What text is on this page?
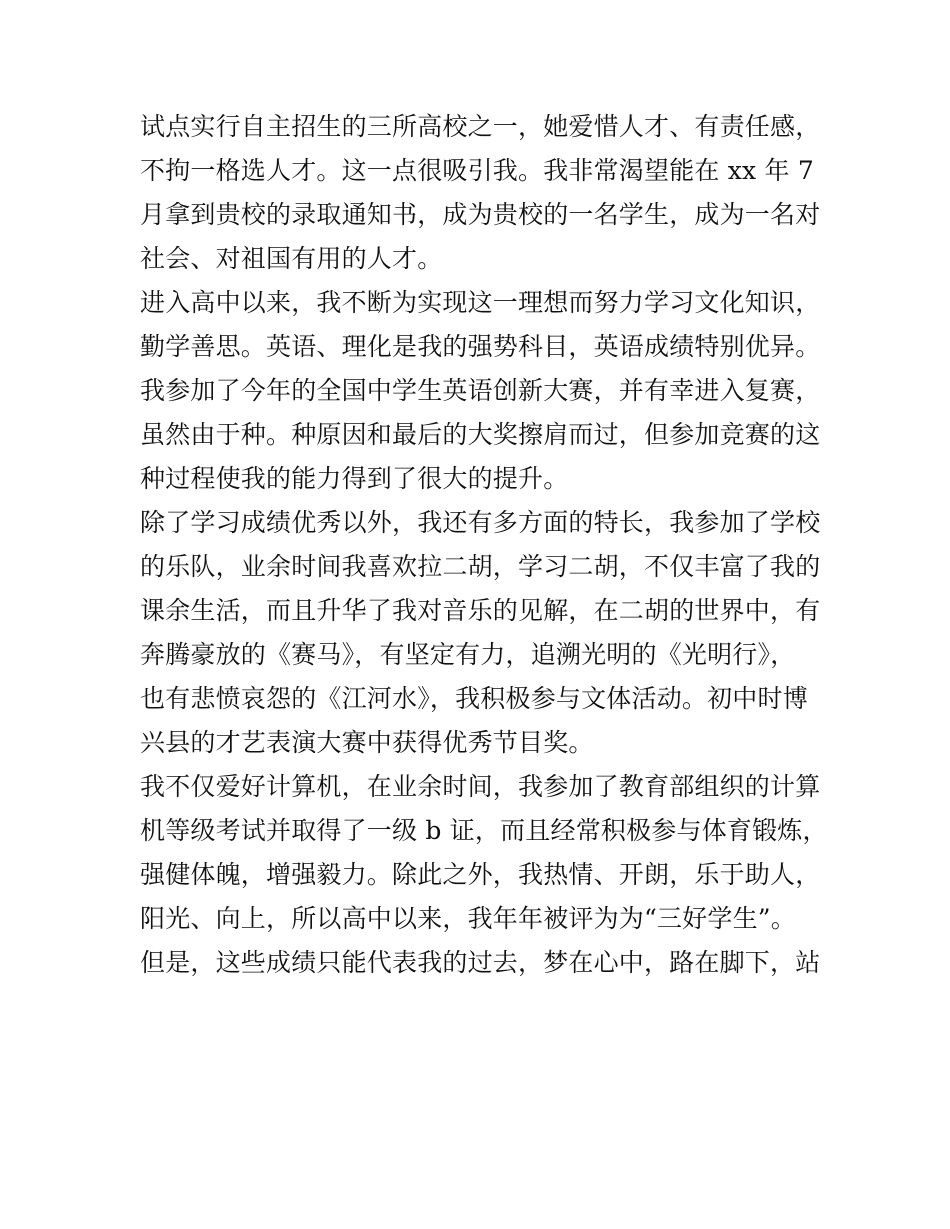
试点实行自主招生的三所高校之一，她爱惜人才、有责任感，
不拘一格选人才。这一点很吸引我。我非常渴望能在 xx 年 7
月拿到贵校的录取通知书，成为贵校的一名学生，成为一名对
社会、对祖国有用的人才。
进入高中以来，我不断为实现这一理想而努力学习文化知识，
勤学善思。英语、理化是我的强势科目，英语成绩特别优异。
我参加了今年的全国中学生英语创新大赛，并有幸进入复赛，
虽然由于种。种原因和最后的大奖擦肩而过，但参加竞赛的这
种过程使我的能力得到了很大的提升。
除了学习成绩优秀以外，我还有多方面的特长，我参加了学校
的乐队，业余时间我喜欢拉二胡，学习二胡，不仅丰富了我的
课余生活，而且升华了我对音乐的见解，在二胡的世界中，有
奔腾豪放的《赛马》，有坚定有力，追溯光明的《光明行》，
也有悲愤哀怨的《江河水》，我积极参与文体活动。初中时博
兴县的才艺表演大赛中获得优秀节目奖。
我不仅爱好计算机，在业余时间，我参加了教育部组织的计算
机等级考试并取得了一级 b 证，而且经常积极参与体育锻炼，
强健体魄，增强毅力。除此之外，我热情、开朗，乐于助人，
阳光、向上，所以高中以来，我年年被评为为“三好学生”。
但是，这些成绩只能代表我的过去，梦在心中，路在脚下，站
